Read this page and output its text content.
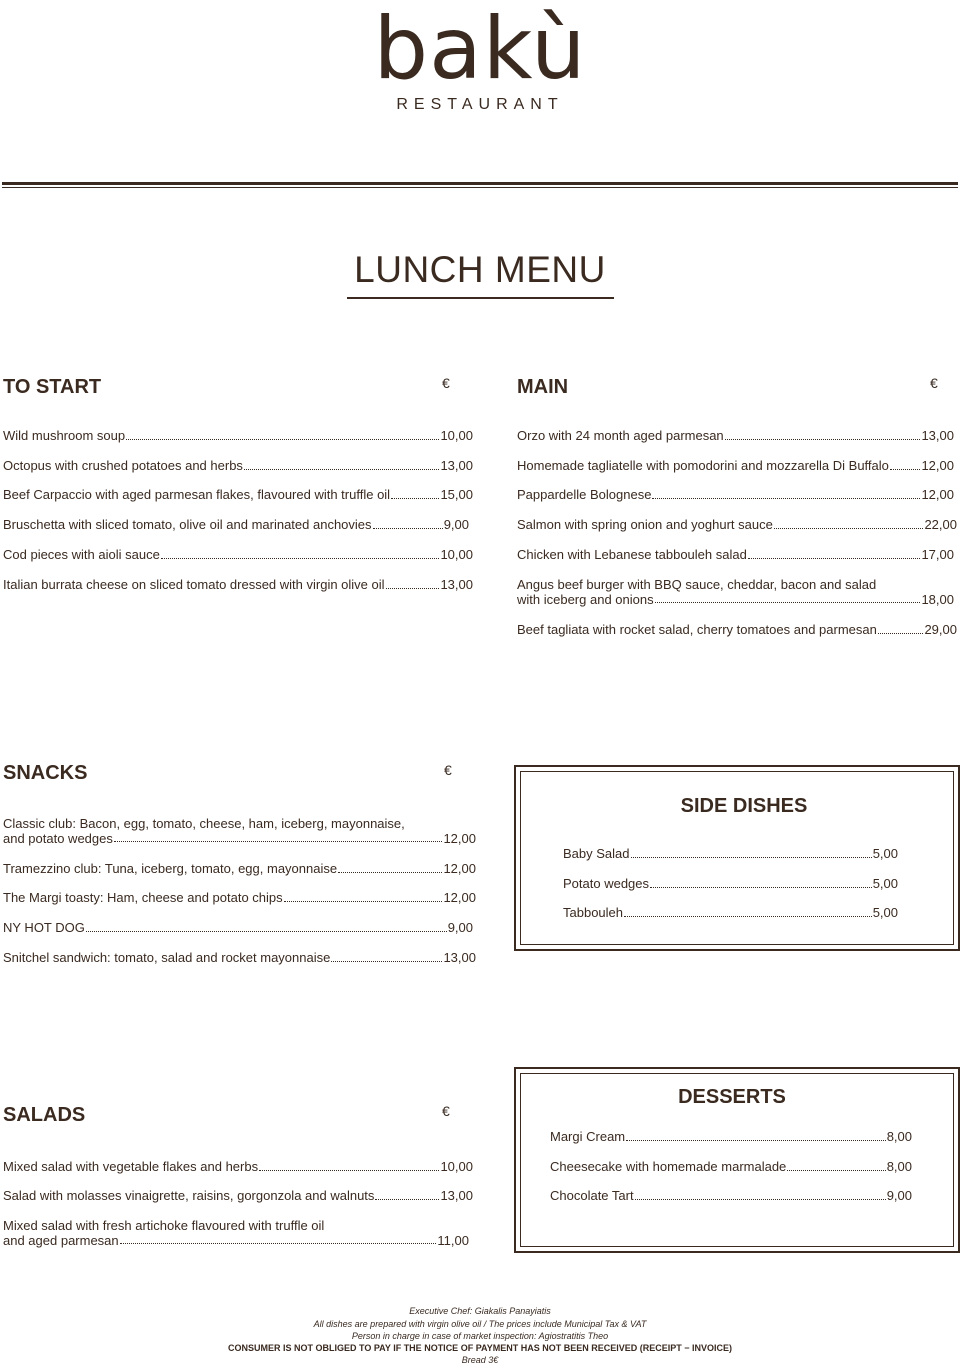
bakù
RESTAURANT
LUNCH MENU
TO START	€
Wild mushroom soup	10,00
Octopus with crushed potatoes and herbs	13,00
Beef Carpaccio with aged parmesan flakes, flavoured with truffle oil	15,00
Bruschetta with sliced tomato, olive oil and marinated anchovies	9,00
Cod pieces with aioli sauce	10,00
Italian burrata cheese on sliced tomato dressed with virgin olive oil	13,00
MAIN	€
Orzo with 24 month aged parmesan	13,00
Homemade tagliatelle with pomodorini and mozzarella Di Buffalo	12,00
Pappardelle Bolognese	12,00
Salmon with spring onion and yoghurt sauce	22,00
Chicken with Lebanese tabbouleh salad	17,00
Angus beef burger with BBQ sauce, cheddar, bacon and salad
with iceberg and onions	18,00
Beef tagliata with rocket salad, cherry tomatoes and parmesan	29,00
SNACKS	€
Classic club: Bacon, egg, tomato, cheese, ham, iceberg, mayonnaise,
and potato wedges	12,00
Tramezzino club: Tuna, iceberg, tomato, egg, mayonnaise	12,00
The Margi toasty: Ham, cheese and potato chips	12,00
NY HOT DOG	9,00
Snitchel sandwich: tomato, salad and rocket mayonnaise	13,00
SIDE DISHES
Baby Salad	5,00
Potato wedges	5,00
Tabbouleh	5,00
SALADS	€
Mixed salad with vegetable flakes and herbs	10,00
Salad with molasses vinaigrette, raisins, gorgonzola and walnuts	13,00
Mixed salad with fresh artichoke flavoured with truffle oil
and aged parmesan	11,00
DESSERTS
Margi Cream	8,00
Cheesecake with homemade marmalade	8,00
Chocolate Tart	9,00
Executive Chef: Giakalis Panayiatis
All dishes are prepared with virgin olive oil / The prices include Municipal Tax & VAT
Person in charge in case of market inspection: Agiostratitis Theo
CONSUMER IS NOT OBLIGED TO PAY IF THE NOTICE OF PAYMENT HAS NOT BEEN RECEIVED (RECEIPT − INVOICE)
Bread 3€
